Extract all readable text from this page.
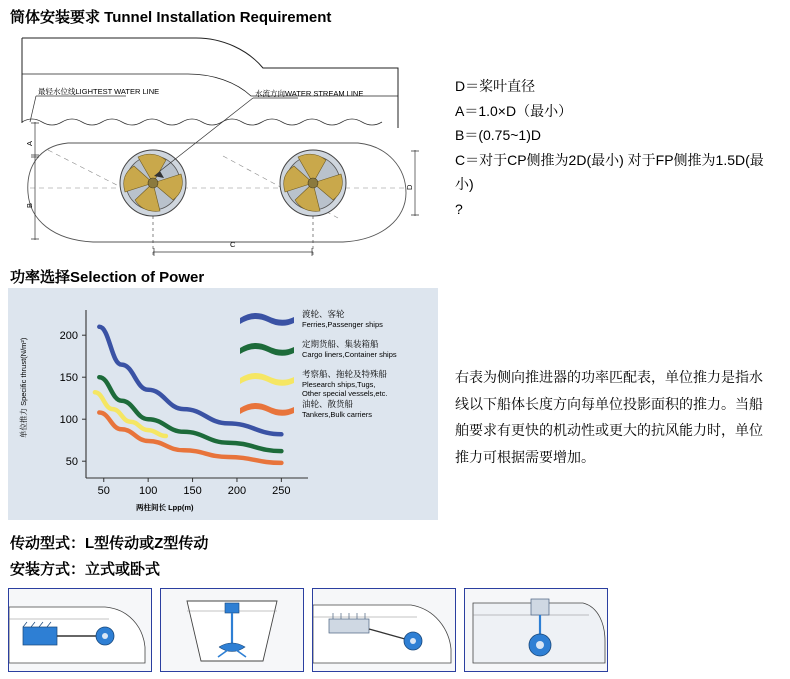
筒体安装要求 Tunnel Installation Requirement
最轻水位线LIGHTEST WATER LINE	水流方向WATER STREAM LINE
A
B
D
C
D＝桨叶直径
A＝1.0×D（最小）
B＝(0.75~1)D
C＝对于CP侧推为2D(最小) 对于FP侧推为1.5D(最小)
?
功率选择Selection of Power
50	100 150 200 250
50
100
150
200
渡轮、客轮
Ferries,Passenger ships
定期货船、集装箱船
Cargo liners,Container ships
考察船、拖轮及特殊船
Plesearch ships,Tugs,
Other special vessels,etc.
油轮、散货船
Tankers,Bulk carriers
单位推力 Specific thrust(N/m²)
两柱间长 Lpp(m)
右表为侧向推进器的功率匹配表，单位推力是指水线以下船体长度方向每单位投影面积的推力。当船舶要求有更快的机动性或更大的抗风能力时，单位推力可根据需要增加。
传动型式：L型传动或Z型传动
安装方式：立式或卧式
